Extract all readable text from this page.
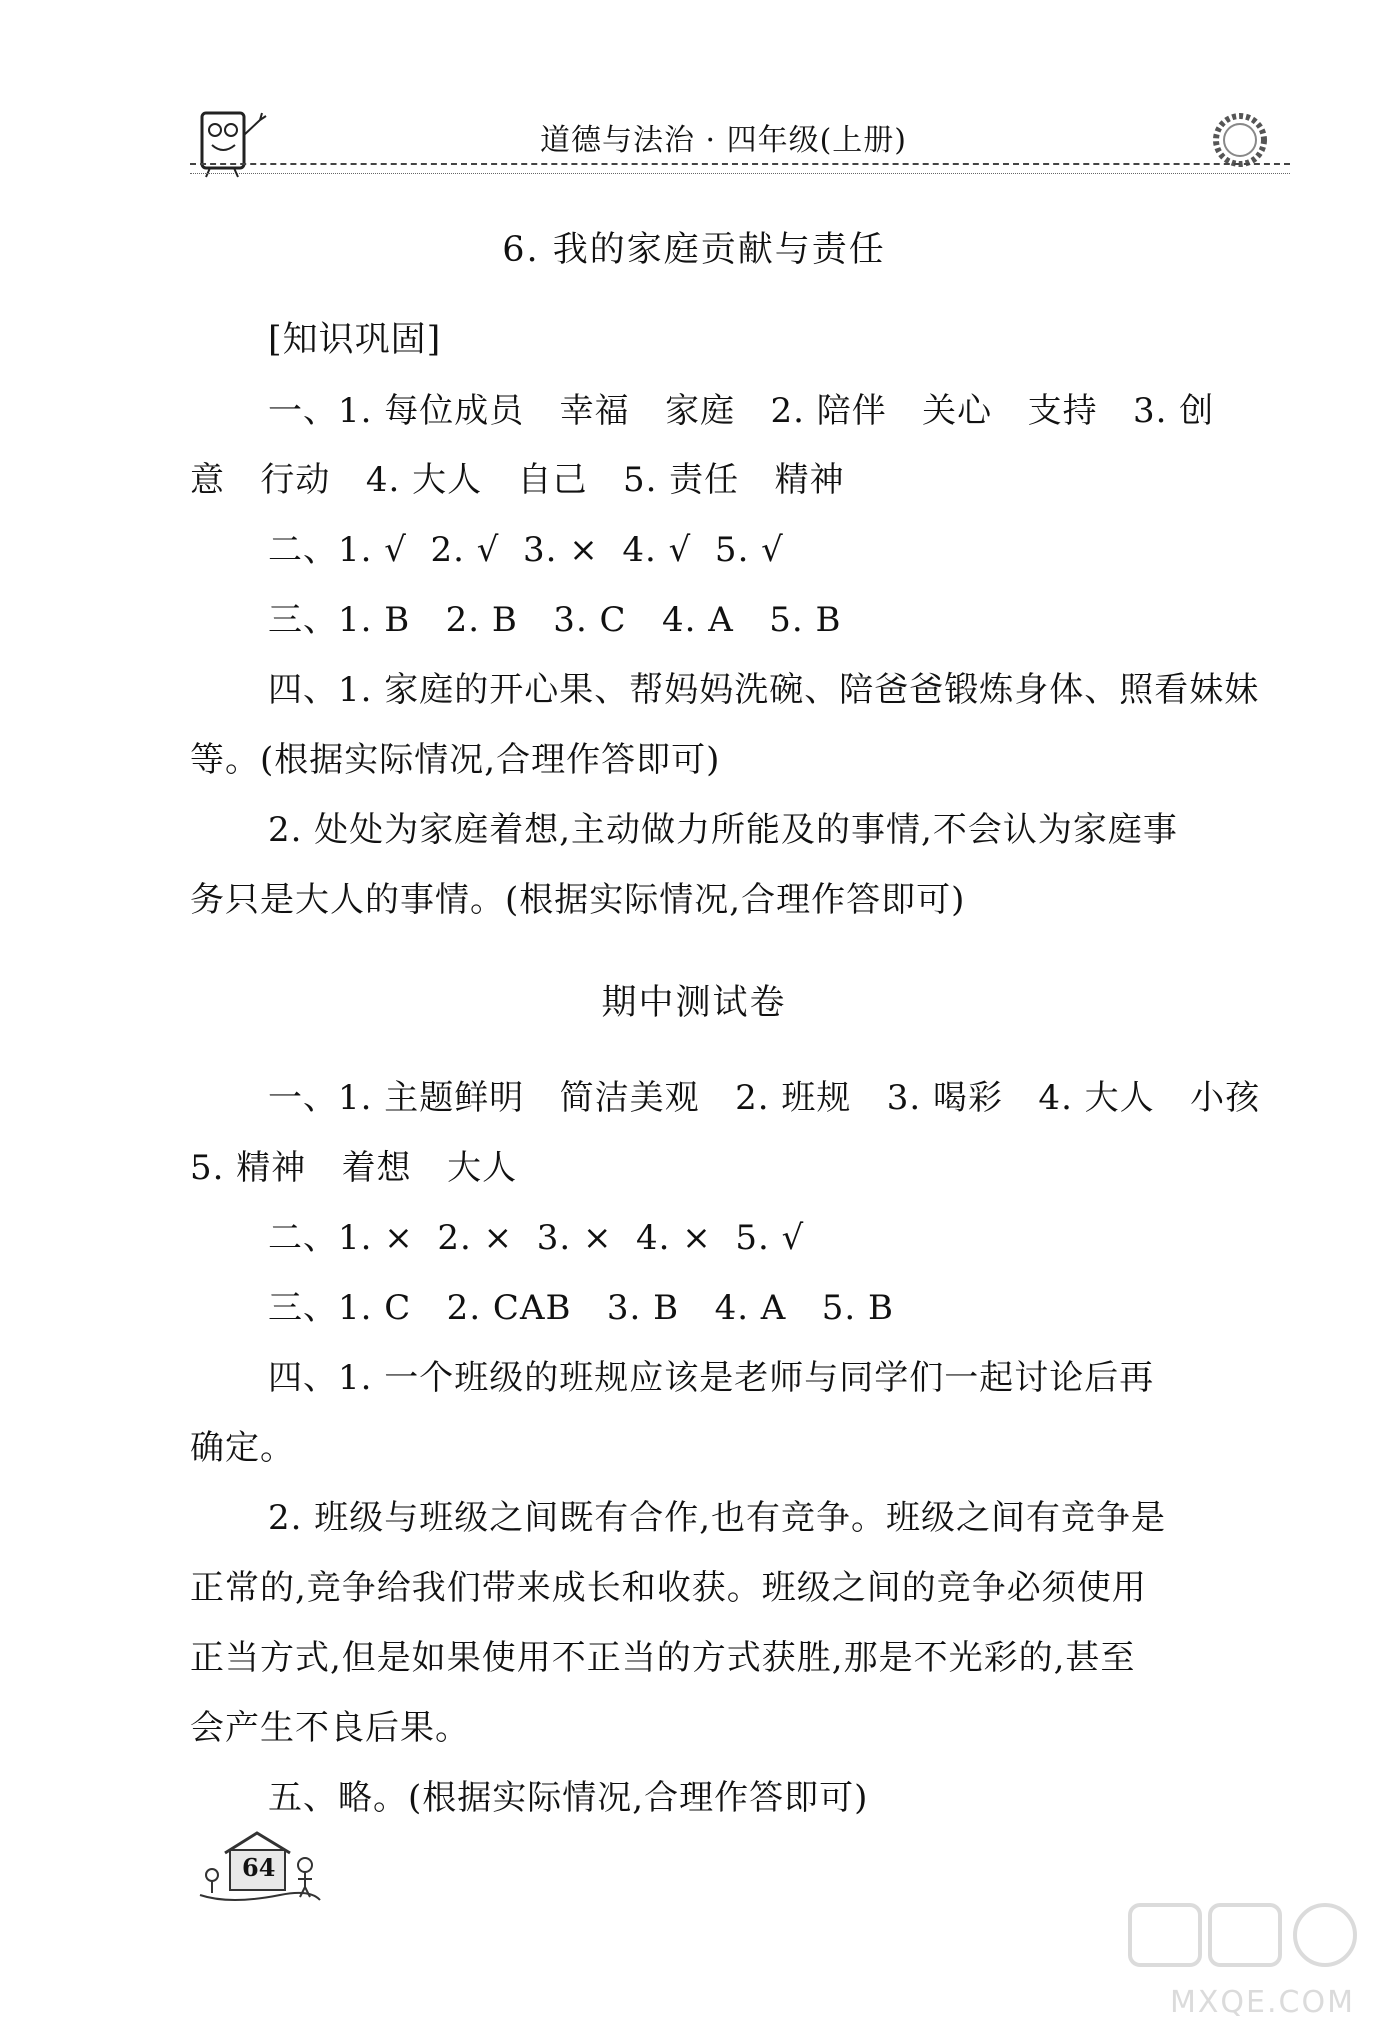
道德与法治 · 四年级(上册)
6. 我的家庭贡献与责任
[知识巩固]
一、1. 每位成员   幸福   家庭   2. 陪伴   关心   支持   3. 创
意   行动   4. 大人   自己   5. 责任   精神
二、1. √  2. √  3. ×  4. √  5. √
三、1. B   2. B   3. C   4. A   5. B
四、1. 家庭的开心果、帮妈妈洗碗、陪爸爸锻炼身体、照看妹妹
等。(根据实际情况,合理作答即可)
2. 处处为家庭着想,主动做力所能及的事情,不会认为家庭事
务只是大人的事情。(根据实际情况,合理作答即可)
期中测试卷
一、1. 主题鲜明   简洁美观   2. 班规   3. 喝彩   4. 大人   小孩
5. 精神   着想   大人
二、1. ×  2. ×  3. ×  4. ×  5. √
三、1. C   2. CAB   3. B   4. A   5. B
四、1. 一个班级的班规应该是老师与同学们一起讨论后再
确定。
2. 班级与班级之间既有合作,也有竞争。班级之间有竞争是
正常的,竞争给我们带来成长和收获。班级之间的竞争必须使用
正当方式,但是如果使用不正当的方式获胜,那是不光彩的,甚至
会产生不良后果。
五、略。(根据实际情况,合理作答即可)
64
MXQE.COM
